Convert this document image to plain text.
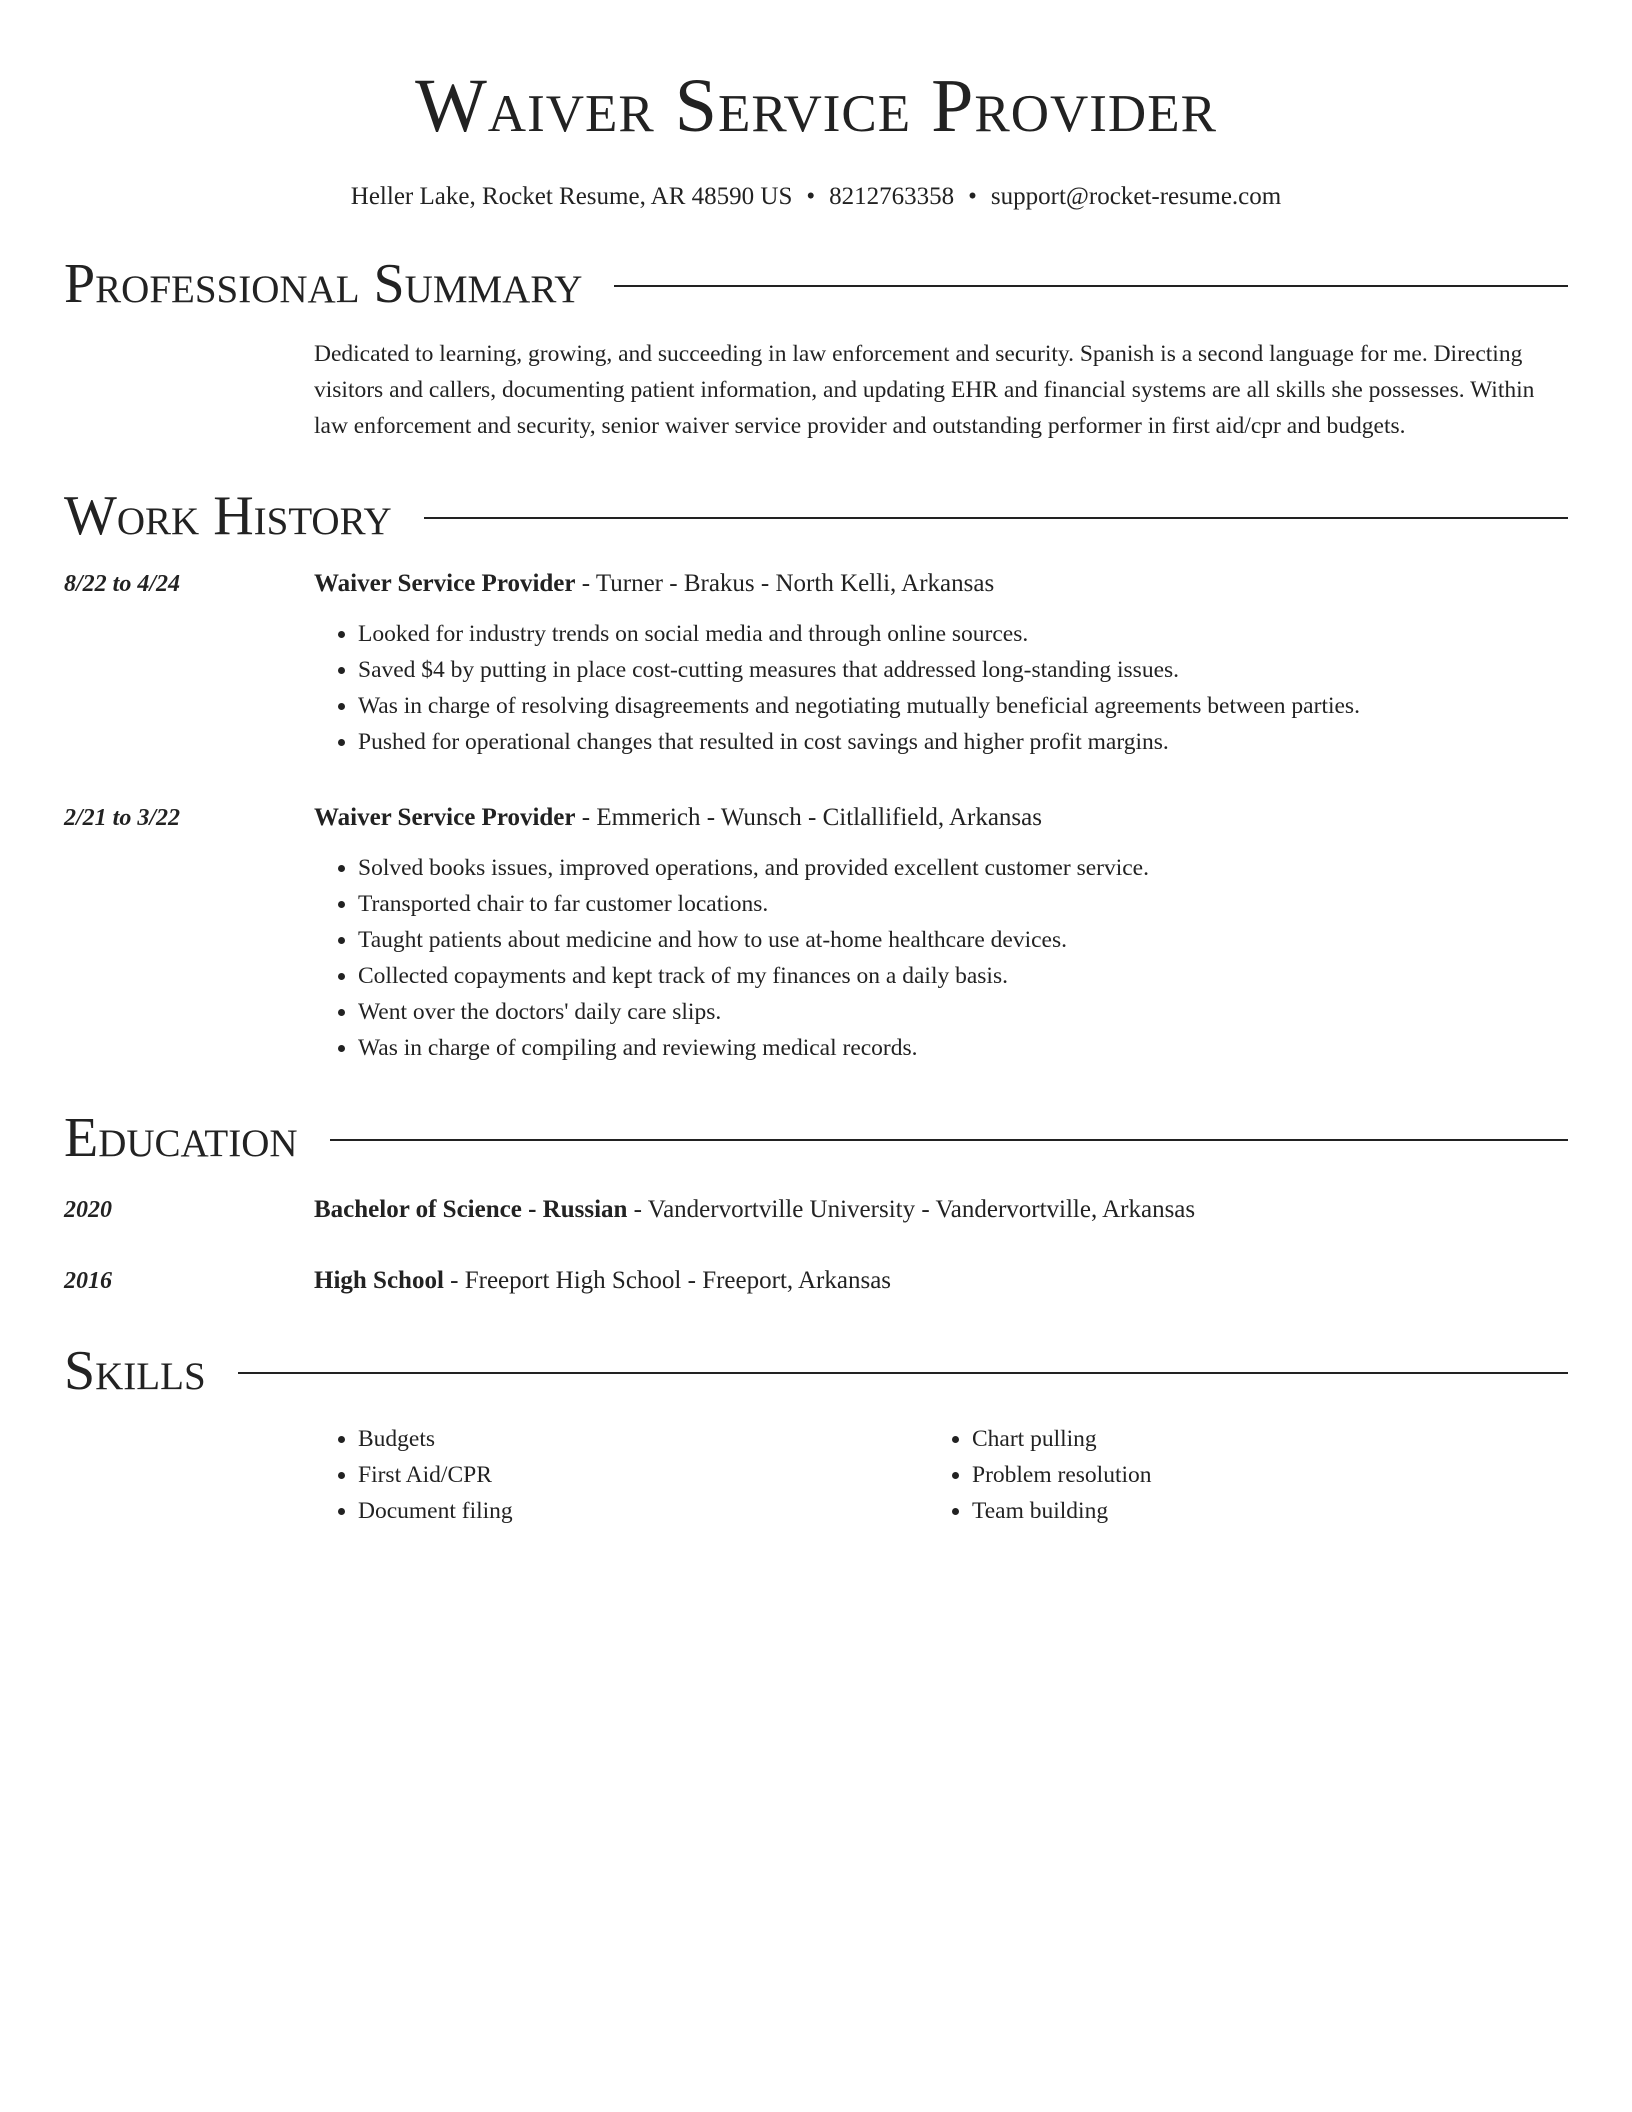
Waiver Service Provider
Heller Lake, Rocket Resume, AR 48590 US • 8212763358 • support@rocket-resume.com
Professional Summary
Dedicated to learning, growing, and succeeding in law enforcement and security. Spanish is a second language for me. Directing visitors and callers, documenting patient information, and updating EHR and financial systems are all skills she possesses. Within law enforcement and security, senior waiver service provider and outstanding performer in first aid/cpr and budgets.
Work History
8/22 to 4/24	Waiver Service Provider - Turner - Brakus - North Kelli, Arkansas
• Looked for industry trends on social media and through online sources.
• Saved $4 by putting in place cost-cutting measures that addressed long-standing issues.
• Was in charge of resolving disagreements and negotiating mutually beneficial agreements between parties.
• Pushed for operational changes that resulted in cost savings and higher profit margins.
2/21 to 3/22	Waiver Service Provider - Emmerich - Wunsch - Citlallifield, Arkansas
• Solved books issues, improved operations, and provided excellent customer service.
• Transported chair to far customer locations.
• Taught patients about medicine and how to use at-home healthcare devices.
• Collected copayments and kept track of my finances on a daily basis.
• Went over the doctors' daily care slips.
• Was in charge of compiling and reviewing medical records.
Education
2020	Bachelor of Science - Russian - Vandervortville University - Vandervortville, Arkansas
2016	High School - Freeport High School - Freeport, Arkansas
Skills
• Budgets
• First Aid/CPR
• Document filing
• Chart pulling
• Problem resolution
• Team building
